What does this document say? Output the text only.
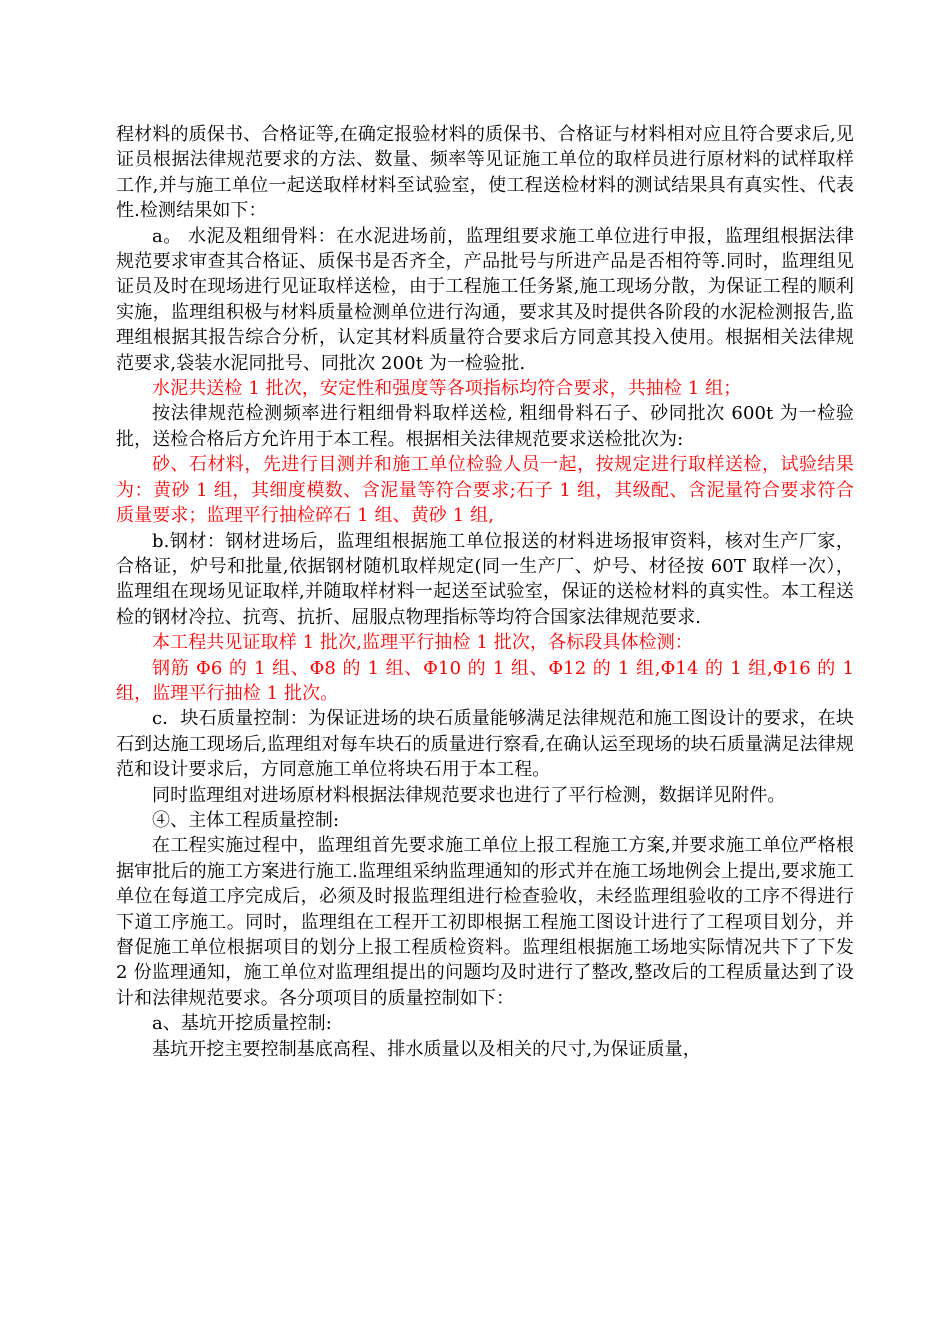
程材料的质保书、合格证等,在确定报验材料的质保书、合格证与材料相对应且符合要求后,见证员根据法律规范要求的方法、数量、频率等见证施工单位的取样员进行原材料的试样取样工作,并与施工单位一起送取样材料至试验室，使工程送检材料的测试结果具有真实性、代表性.检测结果如下：

a。 水泥及粗细骨料：在水泥进场前，监理组要求施工单位进行申报，监理组根据法律规范要求审查其合格证、质保书是否齐全，产品批号与所进产品是否相符等.同时，监理组见证员及时在现场进行见证取样送检，由于工程施工任务紧,施工现场分散，为保证工程的顺利实施，监理组积极与材料质量检测单位进行沟通，要求其及时提供各阶段的水泥检测报告,监理组根据其报告综合分析，认定其材料质量符合要求后方同意其投入使用。根据相关法律规范要求,袋装水泥同批号、同批次 200t 为一检验批.

水泥共送检 1 批次，安定性和强度等各项指标均符合要求，共抽检 1 组；

按法律规范检测频率进行粗细骨料取样送检, 粗细骨料石子、砂同批次 600t 为一检验批，送检合格后方允许用于本工程。根据相关法律规范要求送检批次为:

砂、石材料，先进行目测并和施工单位检验人员一起，按规定进行取样送检，试验结果为：黄砂 1 组，其细度模数、含泥量等符合要求;石子 1 组，其级配、含泥量符合要求符合质量要求；监理平行抽检碎石 1 组、黄砂 1 组,

b.钢材：钢材进场后，监理组根据施工单位报送的材料进场报审资料，核对生产厂家，合格证，炉号和批量,依据钢材随机取样规定(同一生产厂、炉号、材径按 60T 取样一次），监理组在现场见证取样,并随取样材料一起送至试验室，保证的送检材料的真实性。本工程送检的钢材冷拉、抗弯、抗折、屈服点物理指标等均符合国家法律规范要求.

本工程共见证取样 1 批次,监理平行抽检 1 批次，各标段具体检测：

钢筋 Φ6 的 1 组、Φ8 的 1 组、Φ10 的 1 组、Φ12 的 1 组,Φ14 的 1 组,Φ16 的 1 组，监理平行抽检 1 批次。

c．块石质量控制：为保证进场的块石质量能够满足法律规范和施工图设计的要求，在块石到达施工现场后,监理组对每车块石的质量进行察看,在确认运至现场的块石质量满足法律规范和设计要求后，方同意施工单位将块石用于本工程。

同时监理组对进场原材料根据法律规范要求也进行了平行检测，数据详见附件。

④、主体工程质量控制:

在工程实施过程中，监理组首先要求施工单位上报工程施工方案,并要求施工单位严格根据审批后的施工方案进行施工.监理组采纳监理通知的形式并在施工场地例会上提出,要求施工单位在每道工序完成后，必须及时报监理组进行检查验收，未经监理组验收的工序不得进行下道工序施工。同时，监理组在工程开工初即根据工程施工图设计进行了工程项目划分，并督促施工单位根据项目的划分上报工程质检资料。监理组根据施工场地实际情况共下了下发 2 份监理通知，施工单位对监理组提出的问题均及时进行了整改,整改后的工程质量达到了设计和法律规范要求。各分项项目的质量控制如下：

a、基坑开挖质量控制:

基坑开挖主要控制基底高程、排水质量以及相关的尺寸,为保证质量，
